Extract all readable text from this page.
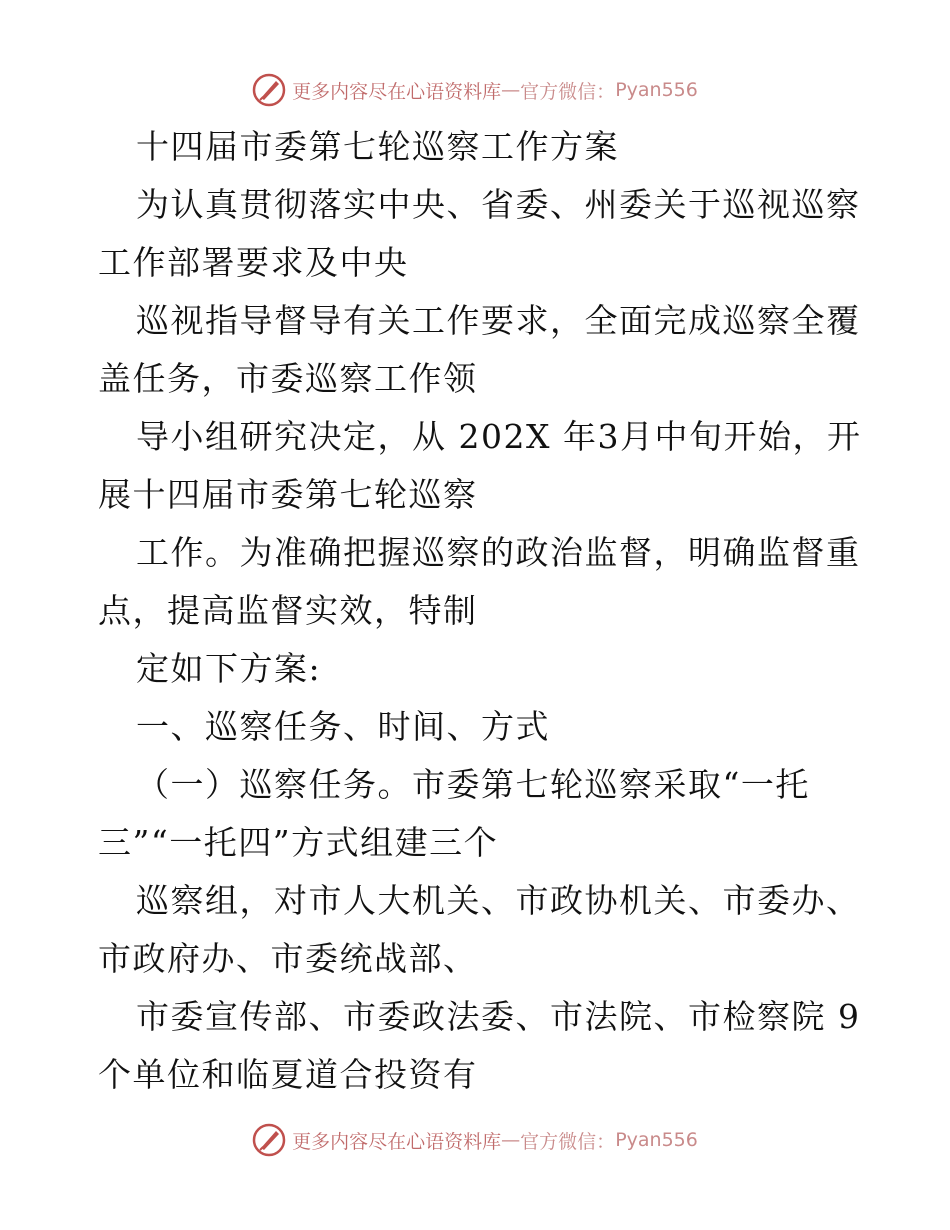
更多内容尽在心语资料库 — 官方微信： Pyan556
十四届市委第七轮巡察工作方案
为认真贯彻落实中央、省委、州委关于巡视巡察
工作部署要求及中央
巡视指导督导有关工作要求，全面完成巡察全覆
盖任务，市委巡察工作领
导小组研究决定，从 202X 年3月中旬开始，开
展十四届市委第七轮巡察
工作。为准确把握巡察的政治监督，明确监督重
点，提高监督实效，特制
定如下方案:
一、巡察任务、时间、方式
（一）巡察任务。市委第七轮巡察采取“一托
三”“一托四”方式组建三个
巡察组，对市人大机关、市政协机关、市委办、
市政府办、市委统战部、
市委宣传部、市委政法委、市法院、市检察院 9
个单位和临夏道合投资有
更多内容尽在心语资料库 — 官方微信： Pyan556
